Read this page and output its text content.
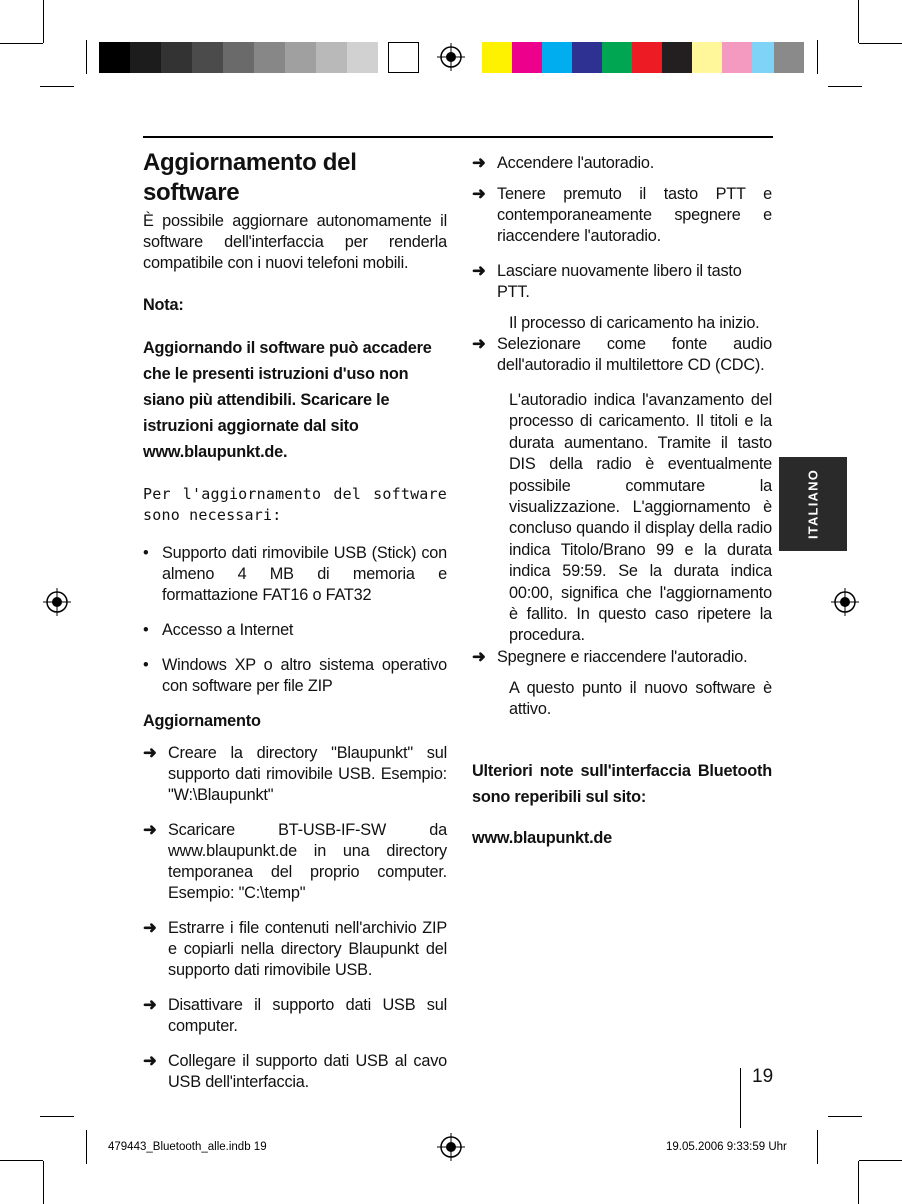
Aggiornamento del software

È possibile aggiornare autonomamente il software dell'interfaccia per renderla compatibile con i nuovi telefoni mobili.

Nota:

Aggiornando il software può accadere che le presenti istruzioni d'uso non siano più attendibili. Scaricare le istruzioni aggiornate dal sito www.blaupunkt.de.

Per l'aggiornamento del software sono necessari:

• Supporto dati rimovibile USB (Stick) con almeno 4 MB di memoria e formattazione FAT16 o FAT32
• Accesso a Internet
• Windows XP o altro sistema operativo con software per file ZIP

Aggiornamento

➜ Creare la directory "Blaupunkt" sul supporto dati rimovibile USB. Esempio: "W:\Blaupunkt"
➜ Scaricare BT-USB-IF-SW da www.blaupunkt.de in una directory temporanea del proprio computer. Esempio: "C:\temp"
➜ Estrarre i file contenuti nell'archivio ZIP e copiarli nella directory Blaupunkt del supporto dati rimovibile USB.
➜ Disattivare il supporto dati USB sul computer.
➜ Collegare il supporto dati USB al cavo USB dell'interfaccia.
➜ Accendere l'autoradio.
➜ Tenere premuto il tasto PTT e contemporaneamente spegnere e riaccendere l'autoradio.
➜ Lasciare nuovamente libero il tasto PTT.

Il processo di caricamento ha inizio.

➜ Selezionare come fonte audio dell'autoradio il multilettore CD (CDC).

L'autoradio indica l'avanzamento del processo di caricamento. Il titoli e la durata aumentano. Tramite il tasto DIS della radio è eventualmente possibile commutare la visualizzazione. L'aggiornamento è concluso quando il display della radio indica Titolo/Brano 99 e la durata indica 59:59. Se la durata indica 00:00, significa che l'aggiornamento è fallito. In questo caso ripetere la procedura.

➜ Spegnere e riaccendere l'autoradio.

A questo punto il nuovo software è attivo.

Ulteriori note sull'interfaccia Bluetooth sono reperibili sul sito:

www.blaupunkt.de

ITALIANO
19
479443_Bluetooth_alle.indb 19	19.05.2006 9:33:59 Uhr
